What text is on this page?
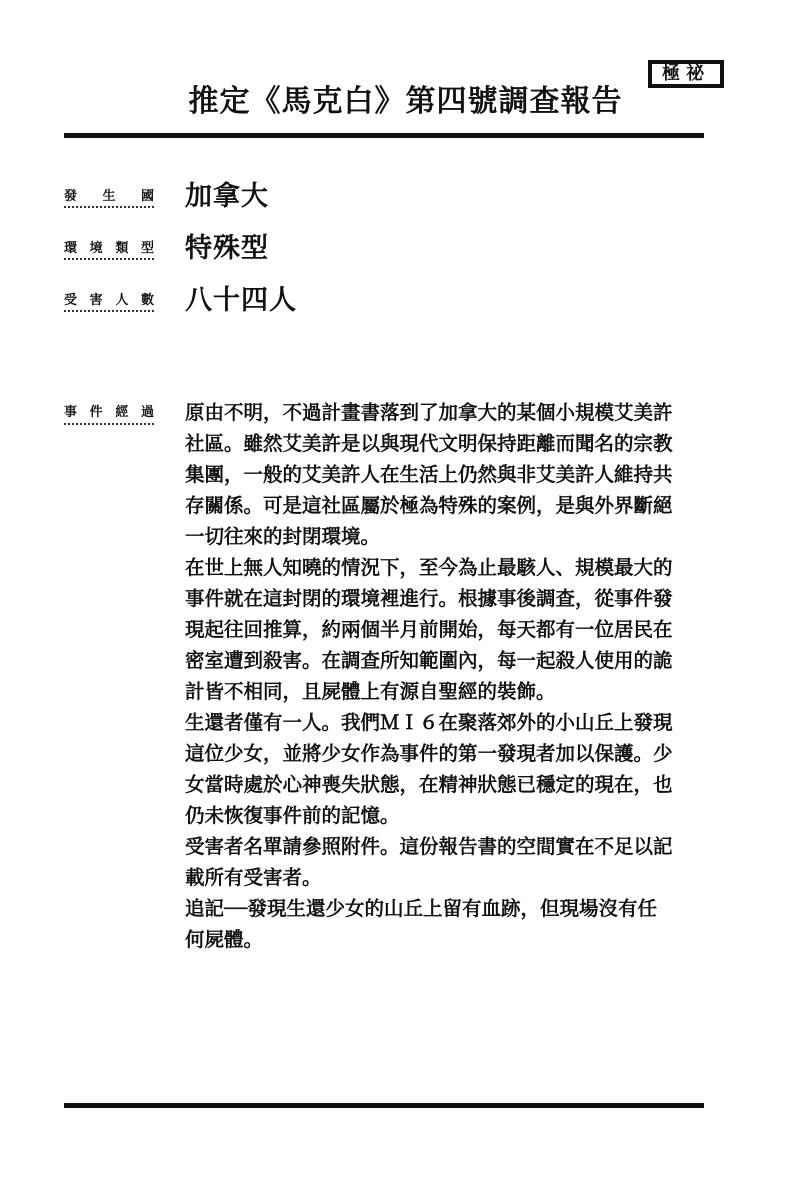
極祕
推定《馬克白》第四號調查報告
發 生 國 加拿大
環 境 類 型 特殊型
受 害 人 數 八十四人
事 件 經 過 原由不明，不過計畫書落到了加拿大的某個小規模艾美許
社區。雖然艾美許是以與現代文明保持距離而聞名的宗教
集團，一般的艾美許人在生活上仍然與非艾美許人維持共
存關係。可是這社區屬於極為特殊的案例，是與外界斷絕
一切往來的封閉環境。

在世上無人知曉的情況下，至今為止最駭人、規模最大的
事件就在這封閉的環境裡進行。根據事後調查，從事件發
現起往回推算，約兩個半月前開始，每天都有一位居民在
密室遭到殺害。在調查所知範圍內，每一起殺人使用的詭
計皆不相同，且屍體上有源自聖經的裝飾。

生還者僅有一人。我們ＭＩ６在聚落郊外的小山丘上發現
這位少女，並將少女作為事件的第一發現者加以保護。少
女當時處於心神喪失狀態，在精神狀態已穩定的現在，也
仍未恢復事件前的記憶。

受害者名單請參照附件。這份報告書的空間實在不足以記
載所有受害者。

追記──發現生還少女的山丘上留有血跡，但現場沒有任
何屍體。
